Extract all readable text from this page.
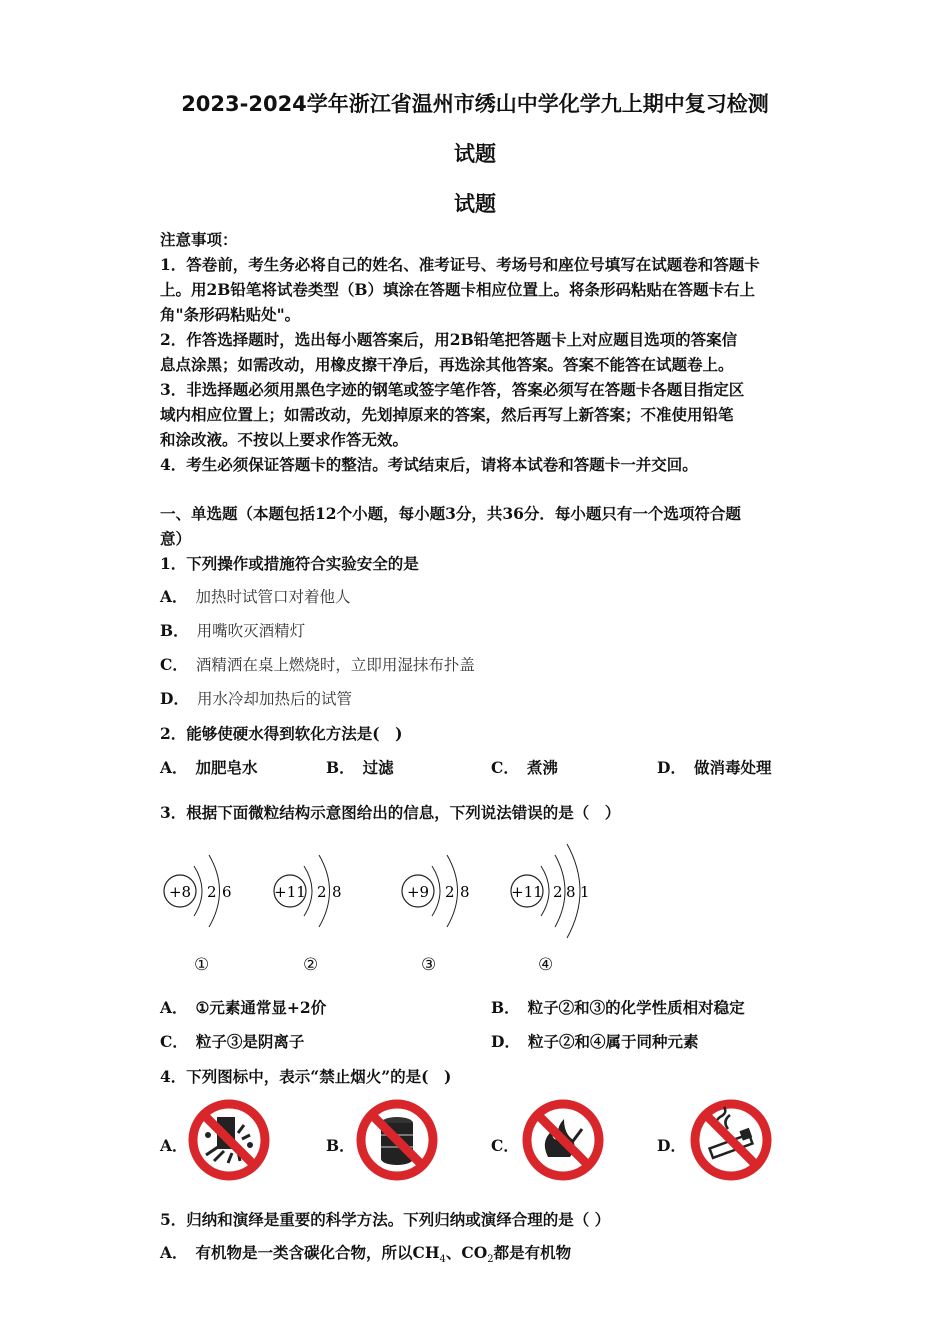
2023-2024学年浙江省温州市绣山中学化学九上期中复习检测
试题
试题
注意事项：
1．答卷前，考生务必将自己的姓名、准考证号、考场号和座位号填写在试题卷和答题卡
上。用2B铅笔将试卷类型（B）填涂在答题卡相应位置上。将条形码粘贴在答题卡右上
角"条形码粘贴处"。
2．作答选择题时，选出每小题答案后，用2B铅笔把答题卡上对应题目选项的答案信
息点涂黑；如需改动，用橡皮擦干净后，再选涂其他答案。答案不能答在试题卷上。
3．非选择题必须用黑色字迹的钢笔或签字笔作答，答案必须写在答题卡各题目指定区
域内相应位置上；如需改动，先划掉原来的答案，然后再写上新答案；不准使用铅笔
和涂改液。不按以上要求作答无效。
4．考生必须保证答题卡的整洁。考试结束后，请将本试卷和答题卡一并交回。
一、单选题（本题包括12个小题，每小题3分，共36分．每小题只有一个选项符合题
意）
1．下列操作或措施符合实验安全的是
A． 加热时试管口对着他人
B． 用嘴吹灭酒精灯
C． 酒精洒在桌上燃烧时，立即用湿抹布扑盖
D． 用水冷却加热后的试管
2．能够使硬水得到软化方法是(　)
A． 加肥皂水	B． 过滤	C． 煮沸	D． 做消毒处理
3．根据下面微粒结构示意图给出的信息，下列说法错误的是（　）
+8 2 6	+11 2 8	+9 2 8	+11 2 8 1
①	②	③	④
A． ①元素通常显+2价	B． 粒子②和③的化学性质相对稳定
C． 粒子③是阴离子	D． 粒子②和④属于同种元素
4．下列图标中，表示“禁止烟火”的是(　)
A．	B．	C．	D．
5．归纳和演绎是重要的科学方法。下列归纳或演绎合理的是（ ）
A． 有机物是一类含碳化合物，所以$CH_4$、$CO_2$都是有机物
